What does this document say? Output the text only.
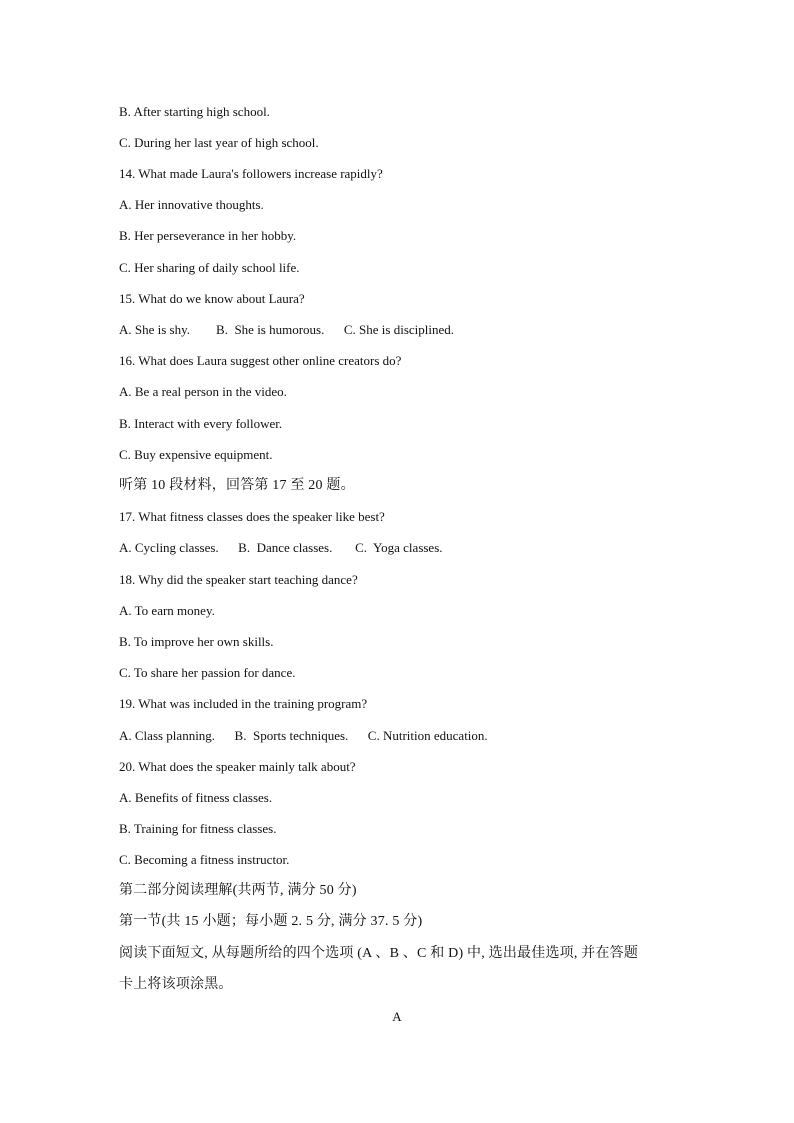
B. After starting high school.
C. During her last year of high school.
14. What made Laura's followers increase rapidly?
A. Her innovative thoughts.
B. Her perseverance in her hobby.
C. Her sharing of daily school life.
15. What do we know about Laura?
A. She is shy.        B.  She is humorous.      C. She is disciplined.
16. What does Laura suggest other online creators do?
A. Be a real person in the video.
B. Interact with every follower.
C. Buy expensive equipment.
听第 10 段材料，回答第 17 至 20 题。
17. What fitness classes does the speaker like best?
A. Cycling classes.      B.  Dance classes.       C.  Yoga classes.
18. Why did the speaker start teaching dance?
A. To earn money.
B. To improve her own skills.
C. To share her passion for dance.
19. What was included in the training program?
A. Class planning.      B.  Sports techniques.      C. Nutrition education.
20. What does the speaker mainly talk about?
A. Benefits of fitness classes.
B. Training for fitness classes.
C. Becoming a fitness instructor.
第二部分阅读理解(共两节, 满分 50 分)
第一节(共 15 小题；每小题 2. 5 分, 满分 37. 5 分)
阅读下面短文, 从每题所给的四个选项 (A 、B 、C 和 D) 中, 选出最佳选项, 并在答题
卡上将该项涂黑。
A
